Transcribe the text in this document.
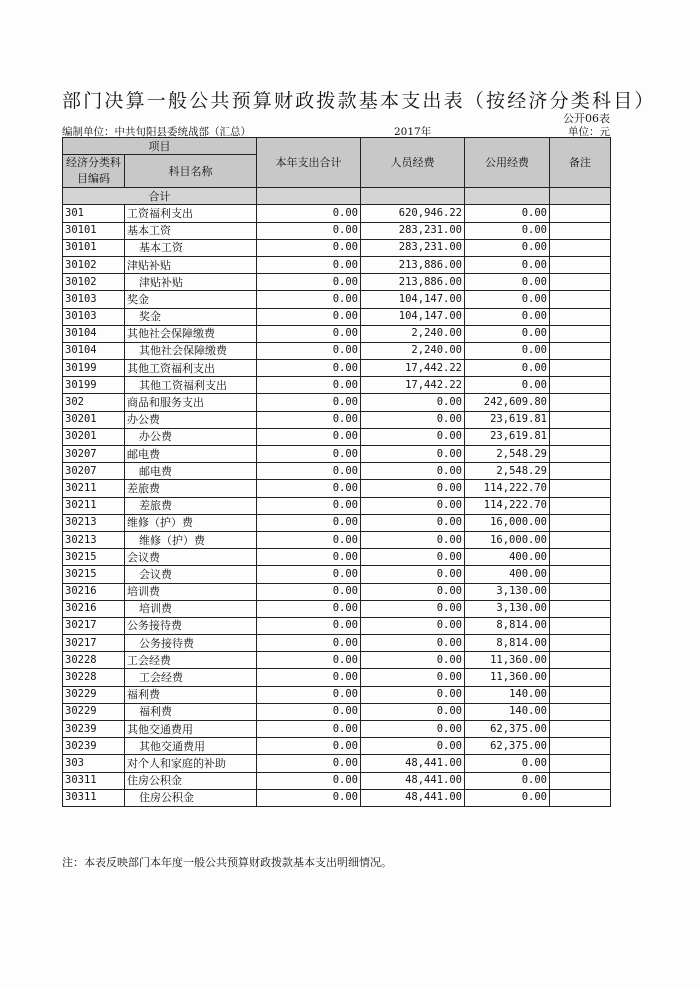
部门决算一般公共预算财政拨款基本支出表（按经济分类科目）
公开06表
编制单位：中共旬阳县委统战部（汇总）	2017年	单位：元
项目		本年支出合计	人员经费	公用经费	备注
经济分类科目编码	科目名称				
合计					
301	工资福利支出	0.00	620,946.22	0.00	
30101	基本工资	0.00	283,231.00	0.00	
30101	基本工资	0.00	283,231.00	0.00	
30102	津贴补贴	0.00	213,886.00	0.00	
30102	津贴补贴	0.00	213,886.00	0.00	
30103	奖金	0.00	104,147.00	0.00	
30103	奖金	0.00	104,147.00	0.00	
30104	其他社会保障缴费	0.00	2,240.00	0.00	
30104	其他社会保障缴费	0.00	2,240.00	0.00	
30199	其他工资福利支出	0.00	17,442.22	0.00	
30199	其他工资福利支出	0.00	17,442.22	0.00	
302	商品和服务支出	0.00	0.00	242,609.80	
30201	办公费	0.00	0.00	23,619.81	
30201	办公费	0.00	0.00	23,619.81	
30207	邮电费	0.00	0.00	2,548.29	
30207	邮电费	0.00	0.00	2,548.29	
30211	差旅费	0.00	0.00	114,222.70	
30211	差旅费	0.00	0.00	114,222.70	
30213	维修（护）费	0.00	0.00	16,000.00	
30213	维修（护）费	0.00	0.00	16,000.00	
30215	会议费	0.00	0.00	400.00	
30215	会议费	0.00	0.00	400.00	
30216	培训费	0.00	0.00	3,130.00	
30216	培训费	0.00	0.00	3,130.00	
30217	公务接待费	0.00	0.00	8,814.00	
30217	公务接待费	0.00	0.00	8,814.00	
30228	工会经费	0.00	0.00	11,360.00	
30228	工会经费	0.00	0.00	11,360.00	
30229	福利费	0.00	0.00	140.00	
30229	福利费	0.00	0.00	140.00	
30239	其他交通费用	0.00	0.00	62,375.00	
30239	其他交通费用	0.00	0.00	62,375.00	
303	对个人和家庭的补助	0.00	48,441.00	0.00	
30311	住房公积金	0.00	48,441.00	0.00	
30311	住房公积金	0.00	48,441.00	0.00	
注：本表反映部门本年度一般公共预算财政拨款基本支出明细情况。
